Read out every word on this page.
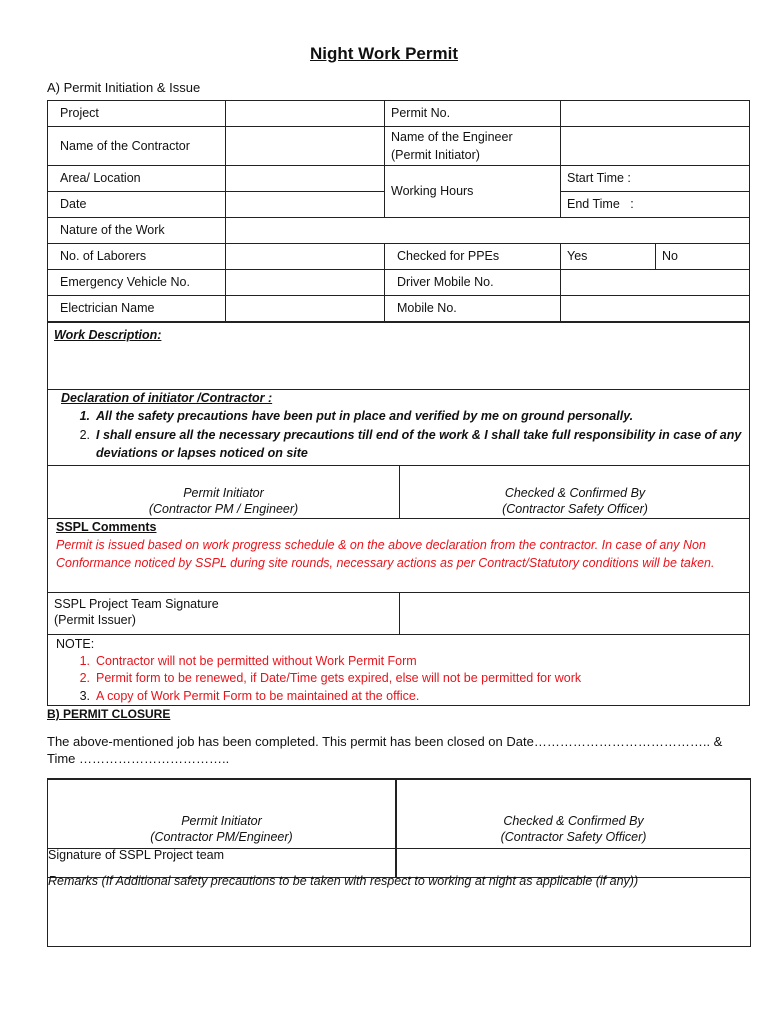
Night Work Permit
A) Permit Initiation & Issue
Project		Permit No.		
Name of the Contractor		Name of the Engineer
(Permit Initiator)		

Area/ Location		Working Hours	Start Time :	
Date			End Time   :	
Nature of the Work				
No. of Laborers		Checked for PPEs	Yes	No
Emergency Vehicle No.		Driver Mobile No.		
Electrician Name		Mobile No.		
Work Description:
Declaration of initiator /Contractor :
1. All the safety precautions have been put in place and verified by me on ground personally.
2. I shall ensure all the necessary precautions till end of the work & I shall take full responsibility in case of any
deviations or lapses noticed on site
Permit Initiator
(Contractor PM / Engineer)
Checked & Confirmed By
(Contractor Safety Officer)
SSPL Comments
Permit is issued based on work progress schedule & on the above declaration from the contractor. In case of any Non Conformance noticed by SSPL during site rounds, necessary actions as per Contract/Statutory conditions will be taken.
SSPL Project Team Signature
(Permit Issuer)
NOTE:
1. Contractor will not be permitted without Work Permit Form
2. Permit form to be renewed, if Date/Time gets expired, else will not be permitted for work
3. A copy of Work Permit Form to be maintained at the office.
B) PERMIT CLOSURE
The above-mentioned job has been completed. This permit has been closed on Date………………………………….. &
Time ……………………………..
Permit Initiator
(Contractor PM/Engineer)
Checked & Confirmed By
(Contractor Safety Officer)
Signature of SSPL Project team
Remarks (If Additional safety precautions to be taken with respect to working at night as applicable (if any))
